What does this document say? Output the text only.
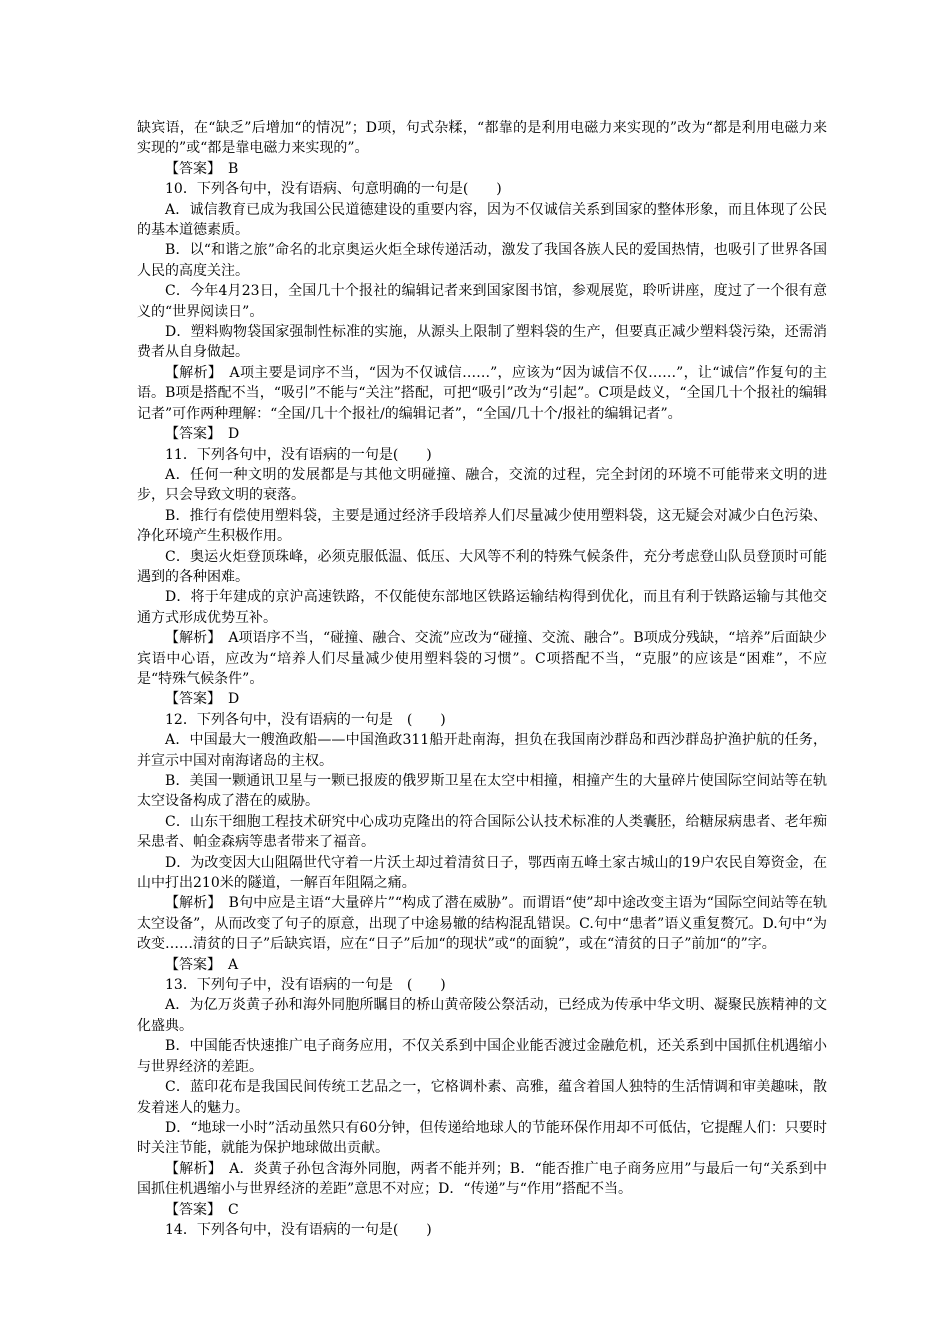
缺宾语，在“缺乏”后增加“的情况”；D项，句式杂糅，“都靠的是利用电磁力来实现的”改为“都是利用电磁力来实现的”或“都是靠电磁力来实现的”。

【答案】　B

10．下列各句中，没有语病、句意明确的一句是(　　)

A．诚信教育已成为我国公民道德建设的重要内容，因为不仅诚信关系到国家的整体形象，而且体现了公民的基本道德素质。

B．以“和谐之旅”命名的北京奥运火炬全球传递活动，激发了我国各族人民的爱国热情，也吸引了世界各国人民的高度关注。

C．今年4月23日，全国几十个报社的编辑记者来到国家图书馆，参观展览，聆听讲座，度过了一个很有意义的“世界阅读日”。

D．塑料购物袋国家强制性标准的实施，从源头上限制了塑料袋的生产，但要真正减少塑料袋污染，还需消费者从自身做起。

【解析】　A项主要是词序不当，“因为不仅诚信……”，应该为“因为诚信不仅……”，让“诚信”作复句的主语。B项是搭配不当，“吸引”不能与“关注”搭配，可把“吸引”改为“引起”。C项是歧义，“全国几十个报社的编辑记者”可作两种理解：“全国/几十个报社/的编辑记者”，“全国/几十个/报社的编辑记者”。

【答案】　D

11．下列各句中，没有语病的一句是(　　)

A．任何一种文明的发展都是与其他文明碰撞、融合，交流的过程，完全封闭的环境不可能带来文明的进步，只会导致文明的衰落。

B．推行有偿使用塑料袋，主要是通过经济手段培养人们尽量减少使用塑料袋，这无疑会对减少白色污染、净化环境产生积极作用。

C．奥运火炬登顶珠峰，必须克服低温、低压、大风等不利的特殊气候条件，充分考虑登山队员登顶时可能遇到的各种困难。

D．将于年建成的京沪高速铁路，不仅能使东部地区铁路运输结构得到优化，而且有利于铁路运输与其他交通方式形成优势互补。

【解析】　A项语序不当，“碰撞、融合、交流”应改为“碰撞、交流、融合”。B项成分残缺，“培养”后面缺少宾语中心语，应改为“培养人们尽量减少使用塑料袋的习惯”。C项搭配不当，“克服”的应该是“困难”，不应是“特殊气候条件”。

【答案】　D

12．下列各句中，没有语病的一句是　(　　)

A．中国最大一艘渔政船——中国渔政311船开赴南海，担负在我国南沙群岛和西沙群岛护渔护航的任务，并宣示中国对南海诸岛的主权。

B．美国一颗通讯卫星与一颗已报废的俄罗斯卫星在太空中相撞，相撞产生的大量碎片使国际空间站等在轨太空设备构成了潜在的威胁。

C．山东干细胞工程技术研究中心成功克隆出的符合国际公认技术标准的人类囊胚，给糖尿病患者、老年痴呆患者、帕金森病等患者带来了福音。

D．为改变因大山阻隔世代守着一片沃土却过着清贫日子，鄂西南五峰土家古城山的19户农民自筹资金，在山中打出210米的隧道，一解百年阻隔之痛。

【解析】　B句中应是主语“大量碎片”“构成了潜在威胁”。而谓语“使”却中途改变主语为“国际空间站等在轨太空设备”，从而改变了句子的原意，出现了中途易辙的结构混乱错误。C.句中“患者”语义重复赘冗。D.句中“为改变……清贫的日子”后缺宾语，应在“日子”后加“的现状”或“的面貌”，或在“清贫的日子”前加“的”字。

【答案】　A

13．下列句子中，没有语病的一句是　(　　)

A．为亿万炎黄子孙和海外同胞所瞩目的桥山黄帝陵公祭活动，已经成为传承中华文明、凝聚民族精神的文化盛典。

B．中国能否快速推广电子商务应用，不仅关系到中国企业能否渡过金融危机，还关系到中国抓住机遇缩小与世界经济的差距。

C．蓝印花布是我国民间传统工艺品之一，它格调朴素、高雅，蕴含着国人独特的生活情调和审美趣味，散发着迷人的魅力。

D．“地球一小时”活动虽然只有60分钟，但传递给地球人的节能环保作用却不可低估，它提醒人们：只要时时关注节能，就能为保护地球做出贡献。

【解析】　A．炎黄子孙包含海外同胞，两者不能并列；B．“能否推广电子商务应用”与最后一句“关系到中国抓住机遇缩小与世界经济的差距”意思不对应；D．“传递”与“作用”搭配不当。

【答案】　C

14．下列各句中，没有语病的一句是(　　)
